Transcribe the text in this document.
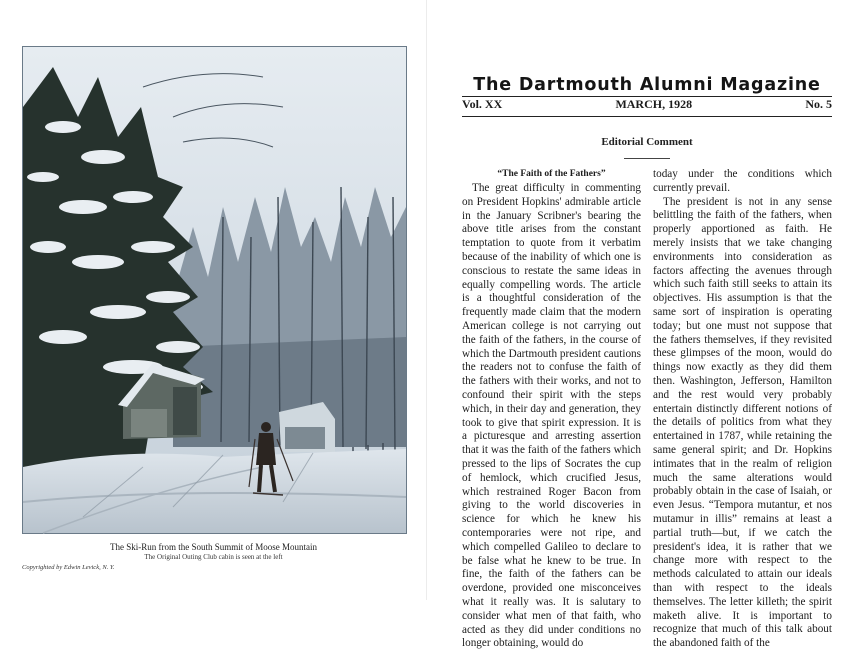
The Ski-Run from the South Summit of Moose Mountain
The Original Outing Club cabin is seen at the left
Copyrighted by Edwin Levick, N. Y.
The Dartmouth Alumni Magazine
Vol. XX	MARCH, 1928	No. 5
Editorial Comment
“The Faith of the Fathers”

The great difficulty in commenting on President Hopkins' admirable article in the January Scribner's bearing the above title arises from the constant temptation to quote from it verbatim because of the inability of which one is conscious to restate the same ideas in equally compelling words. The article is a thoughtful consideration of the frequently made claim that the modern American college is not carrying out the faith of the fathers, in the course of which the Dartmouth president cautions the readers not to confuse the faith of the fathers with their works, and not to confound their spirit with the steps which, in their day and generation, they took to give that spirit expression. It is a picturesque and arresting assertion that it was the faith of the fathers which pressed to the lips of Socrates the cup of hemlock, which crucified Jesus, which restrained Roger Bacon from giving to the world discoveries in science for which he knew his contemporaries were not ripe, and which compelled Galileo to declare to be false what he knew to be true. In fine, the faith of the fathers can be overdone, provided one misconceives what it really was. It is salutary to consider what men of that faith, who acted as they did under conditions no longer obtaining, would do

today under the conditions which currently prevail.

The president is not in any sense belittling the faith of the fathers, when properly apportioned as faith. He merely insists that we take changing environments into consideration as factors affecting the avenues through which such faith still seeks to attain its objectives. His assumption is that the same sort of inspiration is operating today; but one must not suppose that the fathers themselves, if they revisited these glimpses of the moon, would do things now exactly as they did them then. Washington, Jefferson, Hamilton and the rest would very probably entertain distinctly different notions of the details of politics from what they entertained in 1787, while retaining the same general spirit; and Dr. Hopkins intimates that in the realm of religion much the same alterations would probably obtain in the case of Isaiah, or even Jesus. “Tempora mutantur, et nos mutamur in illis” remains at least a partial truth—but, if we catch the president's idea, it is rather that we change more with respect to the methods calculated to attain our ideals than with respect to the ideals themselves. The letter killeth; the spirit maketh alive. It is important to recognize that much of this talk about the abandoned faith of the
